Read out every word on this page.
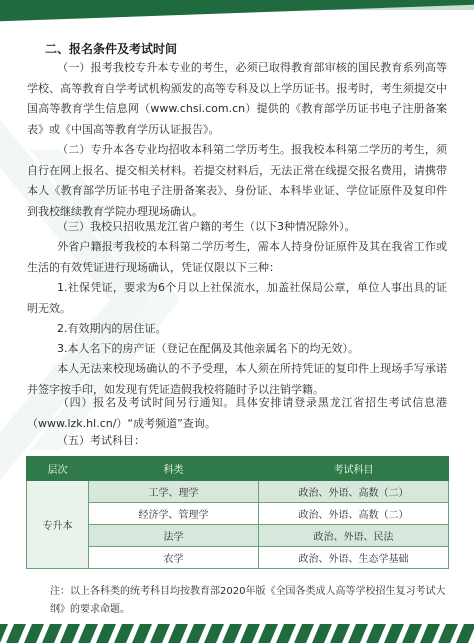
二、报名条件及考试时间

（一）报考我校专升本专业的考生，必须已取得教育部审核的国民教育系列高等学校、高等教育自学考试机构颁发的高等专科及以上学历证书。报考时，考生须提交中国高等教育学生信息网（www.chsi.com.cn）提供的《教育部学历证书电子注册备案表》或《中国高等教育学历认证报告》。

（二）专升本各专业均招收本科第二学历考生。报我校本科第二学历的考生，须自行在网上报名、提交相关材料。若提交材料后，无法正常在线提交报名费用，请携带本人《教育部学历证书电子注册备案表》、身份证、本科毕业证、学位证原件及复印件到我校继续教育学院办理现场确认。

（三）我校只招收黑龙江省户籍的考生（以下3种情况除外）。

外省户籍报考我校的本科第二学历考生，需本人持身份证原件及其在我省工作或生活的有效凭证进行现场确认，凭证仅限以下三种：

1.社保凭证，要求为6个月以上社保流水，加盖社保局公章，单位人事出具的证明无效。

2.有效期内的居住证。

3.本人名下的房产证（登记在配偶及其他亲属名下的均无效）。

本人无法来校现场确认的不予受理，本人须在所持凭证的复印件上现场手写承诺并签字按手印，如发现有凭证造假我校将随时予以注销学籍。

（四）报名及考试时间另行通知。具体安排请登录黑龙江省招生考试信息港（www.lzk.hl.cn/）“成考频道”查询。

（五）考试科目：

层次	科类	考试科目
专升本	工学、理学	政治、外语、高数（二）
	经济学、管理学	政治、外语、高数（二）
	法学	政治、外语、民法
	农学	政治、外语、生态学基础

注：以上各科类的统考科目均按教育部2020年版《全国各类成人高等学校招生复习考试大纲》的要求命题。
